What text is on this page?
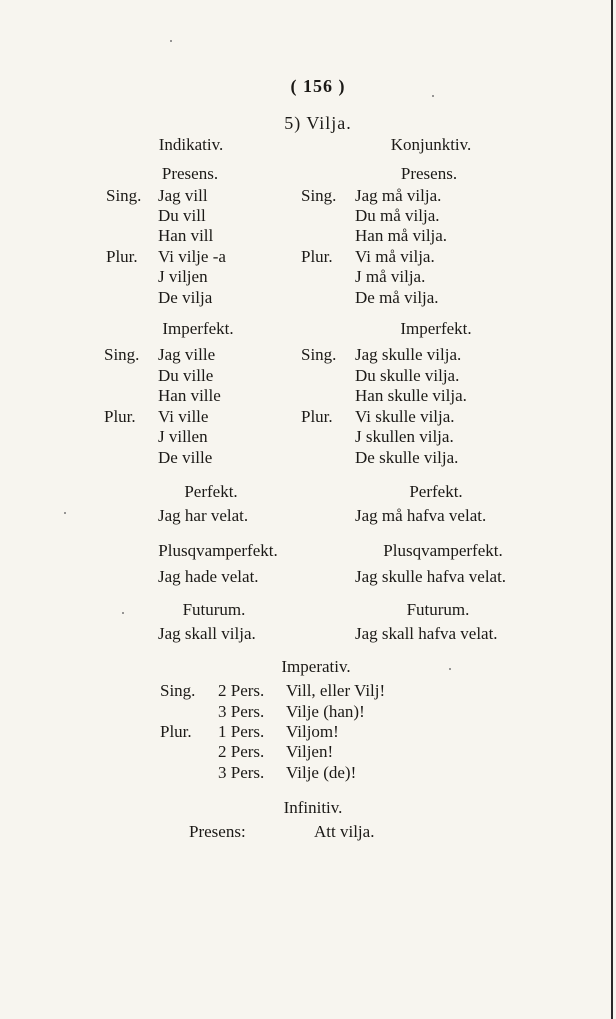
( 156 )
5) Vilja.
Indikativ.	Konjunktiv.
Presens.
Sing. Jag vill
Du vill
Han vill
Plur. Vi vilje -a
J viljen
De vilja
Presens.
Sing. Jag må vilja.
Du må vilja.
Han må vilja.
Plur. Vi må vilja.
J må vilja.
De må vilja.
Imperfekt.
Sing. Jag ville
Du ville
Han ville
Plur. Vi ville
J villen
De ville
Imperfekt.
Sing. Jag skulle vilja.
Du skulle vilja.
Han skulle vilja.
Plur. Vi skulle vilja.
J skullen vilja.
De skulle vilja.
Perfekt.
Jag har velat.
Perfekt.
Jag må hafva velat.
Plusqvamperfekt.
Jag hade velat.
Plusqvamperfekt.
Jag skulle hafva velat.
Futurum.
Jag skall vilja.
Futurum.
Jag skall hafva velat.
Imperativ.
Sing.
Plur.
2 Pers. Vill, eller Vilj!
3 Pers. Vilje (han)!
1 Pers. Viljom!
2 Pers. Viljen!
3 Pers. Vilje (de)!
Infinitiv.
Presens:	Att vilja.
